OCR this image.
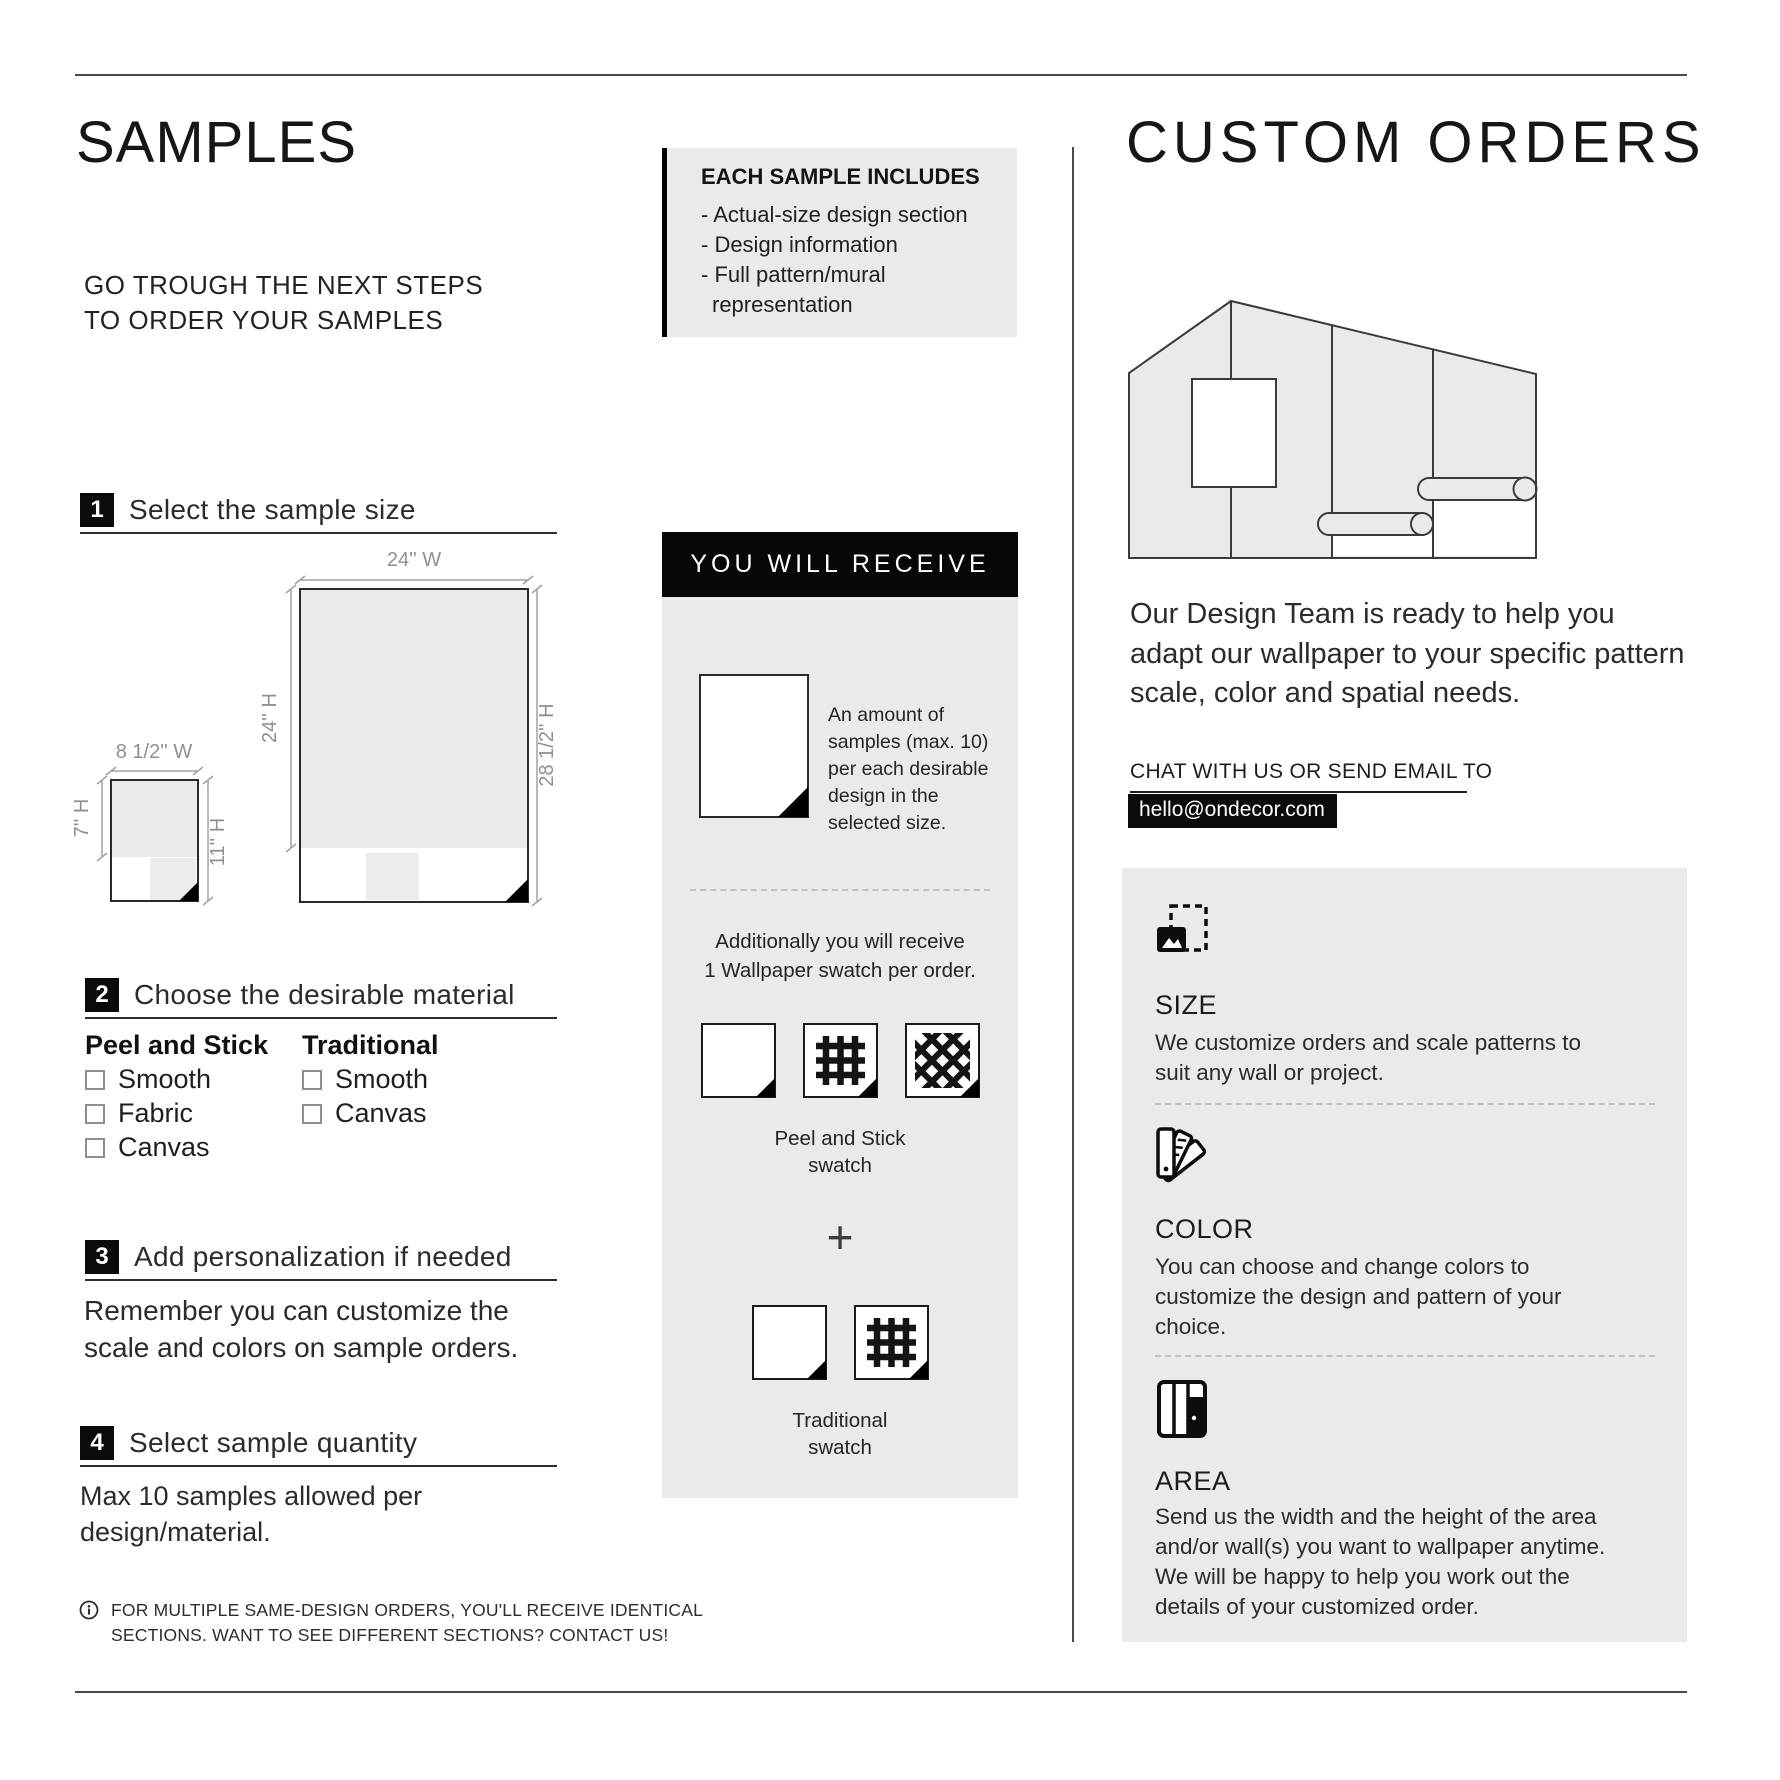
SAMPLES
GO TROUGH THE NEXT STEPS
TO ORDER YOUR SAMPLES
EACH SAMPLE INCLUDES
- Actual-size design section
- Design information
- Full pattern/mural
representation
1 Select the sample size
8 1/2'' W
7'' H	11'' H
24'' W
24'' H	28 1/2'' H
2 Choose the desirable material
Peel and Stick Traditional
Smooth
Fabric
Canvas
Smooth
Canvas
3 Add personalization if needed
Remember you can customize the scale and colors on sample orders.
4 Select sample quantity
Max 10 samples allowed per design/material.
FOR MULTIPLE SAME-DESIGN ORDERS, YOU'LL RECEIVE IDENTICAL
SECTIONS. WANT TO SEE DIFFERENT SECTIONS? CONTACT US!
YOU WILL RECEIVE
An amount of samples (max. 10) per each desirable design in the selected size.
Additionally you will receive
1 Wallpaper swatch per order.
Peel and Stick
swatch
+
Traditional
swatch
CUSTOM ORDERS
Our Design Team is ready to help you adapt our wallpaper to your specific pattern scale, color and spatial needs.
CHAT WITH US OR SEND EMAIL TO
hello@ondecor.com
SIZE
We customize orders and scale patterns to suit any wall or project.
COLOR
You can choose and change colors to customize the design and pattern of your choice.
AREA
Send us the width and the height of the area and/or wall(s) you want to wallpaper anytime. We will be happy to help you work out the details of your customized order.
